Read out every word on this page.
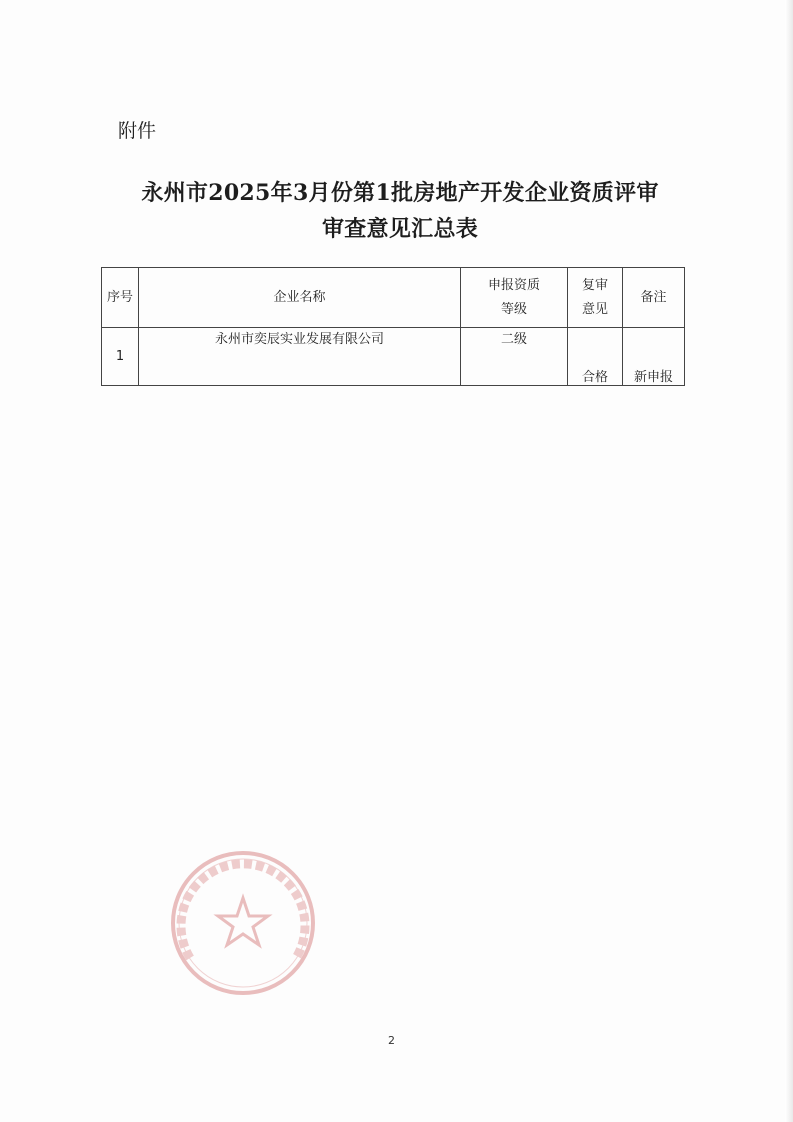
附件
永州市2025年3月份第1批房地产开发企业资质评审
审查意见汇总表
序号	企业名称	申报资质等级	复审意见	备注
1	永州市奕辰实业发展有限公司	二级	合格	新申报
2
